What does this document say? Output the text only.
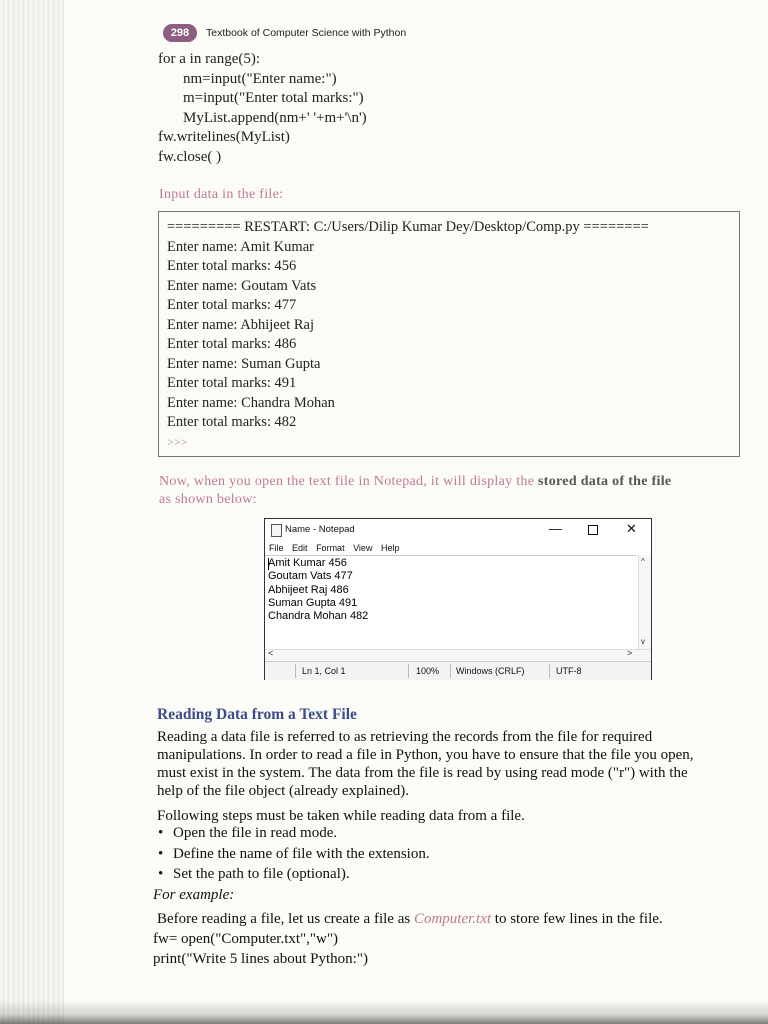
298	Textbook of Computer Science with Python
for a in range(5):
nm=input("Enter name:")
m=input("Enter total marks:")
MyList.append(nm+' '+m+'\n')
fw.writelines(MyList)
fw.close( )
Input data in the file:
========= RESTART: C:/Users/Dilip Kumar Dey/Desktop/Comp.py ========
Enter name: Amit Kumar
Enter total marks: 456
Enter name: Goutam Vats
Enter total marks: 477
Enter name: Abhijeet Raj
Enter total marks: 486
Enter name: Suman Gupta
Enter total marks: 491
Enter name: Chandra Mohan
Enter total marks: 482
>>>
Now, when you open the text file in Notepad, it will display the stored data of the file
as shown below:
Name - Notepad	—	✕
File Edit Format View Help
Amit Kumar 456
Goutam Vats 477
Abhijeet Raj 486
Suman Gupta 491
Chandra Mohan 482
^
v
<	>
Ln 1, Col 1	100% Windows (CRLF)	UTF-8
Reading Data from a Text File
Reading a data file is referred to as retrieving the records from the file for required
manipulations. In order to read a file in Python, you have to ensure that the file you open,
must exist in the system. The data from the file is read by using read mode ("r") with the
help of the file object (already explained).
Following steps must be taken while reading data from a file.
• Open the file in read mode.
• Define the name of file with the extension.
• Set the path to file (optional).
For example:
Before reading a file, let us create a file as Computer.txt to store few lines in the file.
fw= open("Computer.txt","w")
print("Write 5 lines about Python:")
